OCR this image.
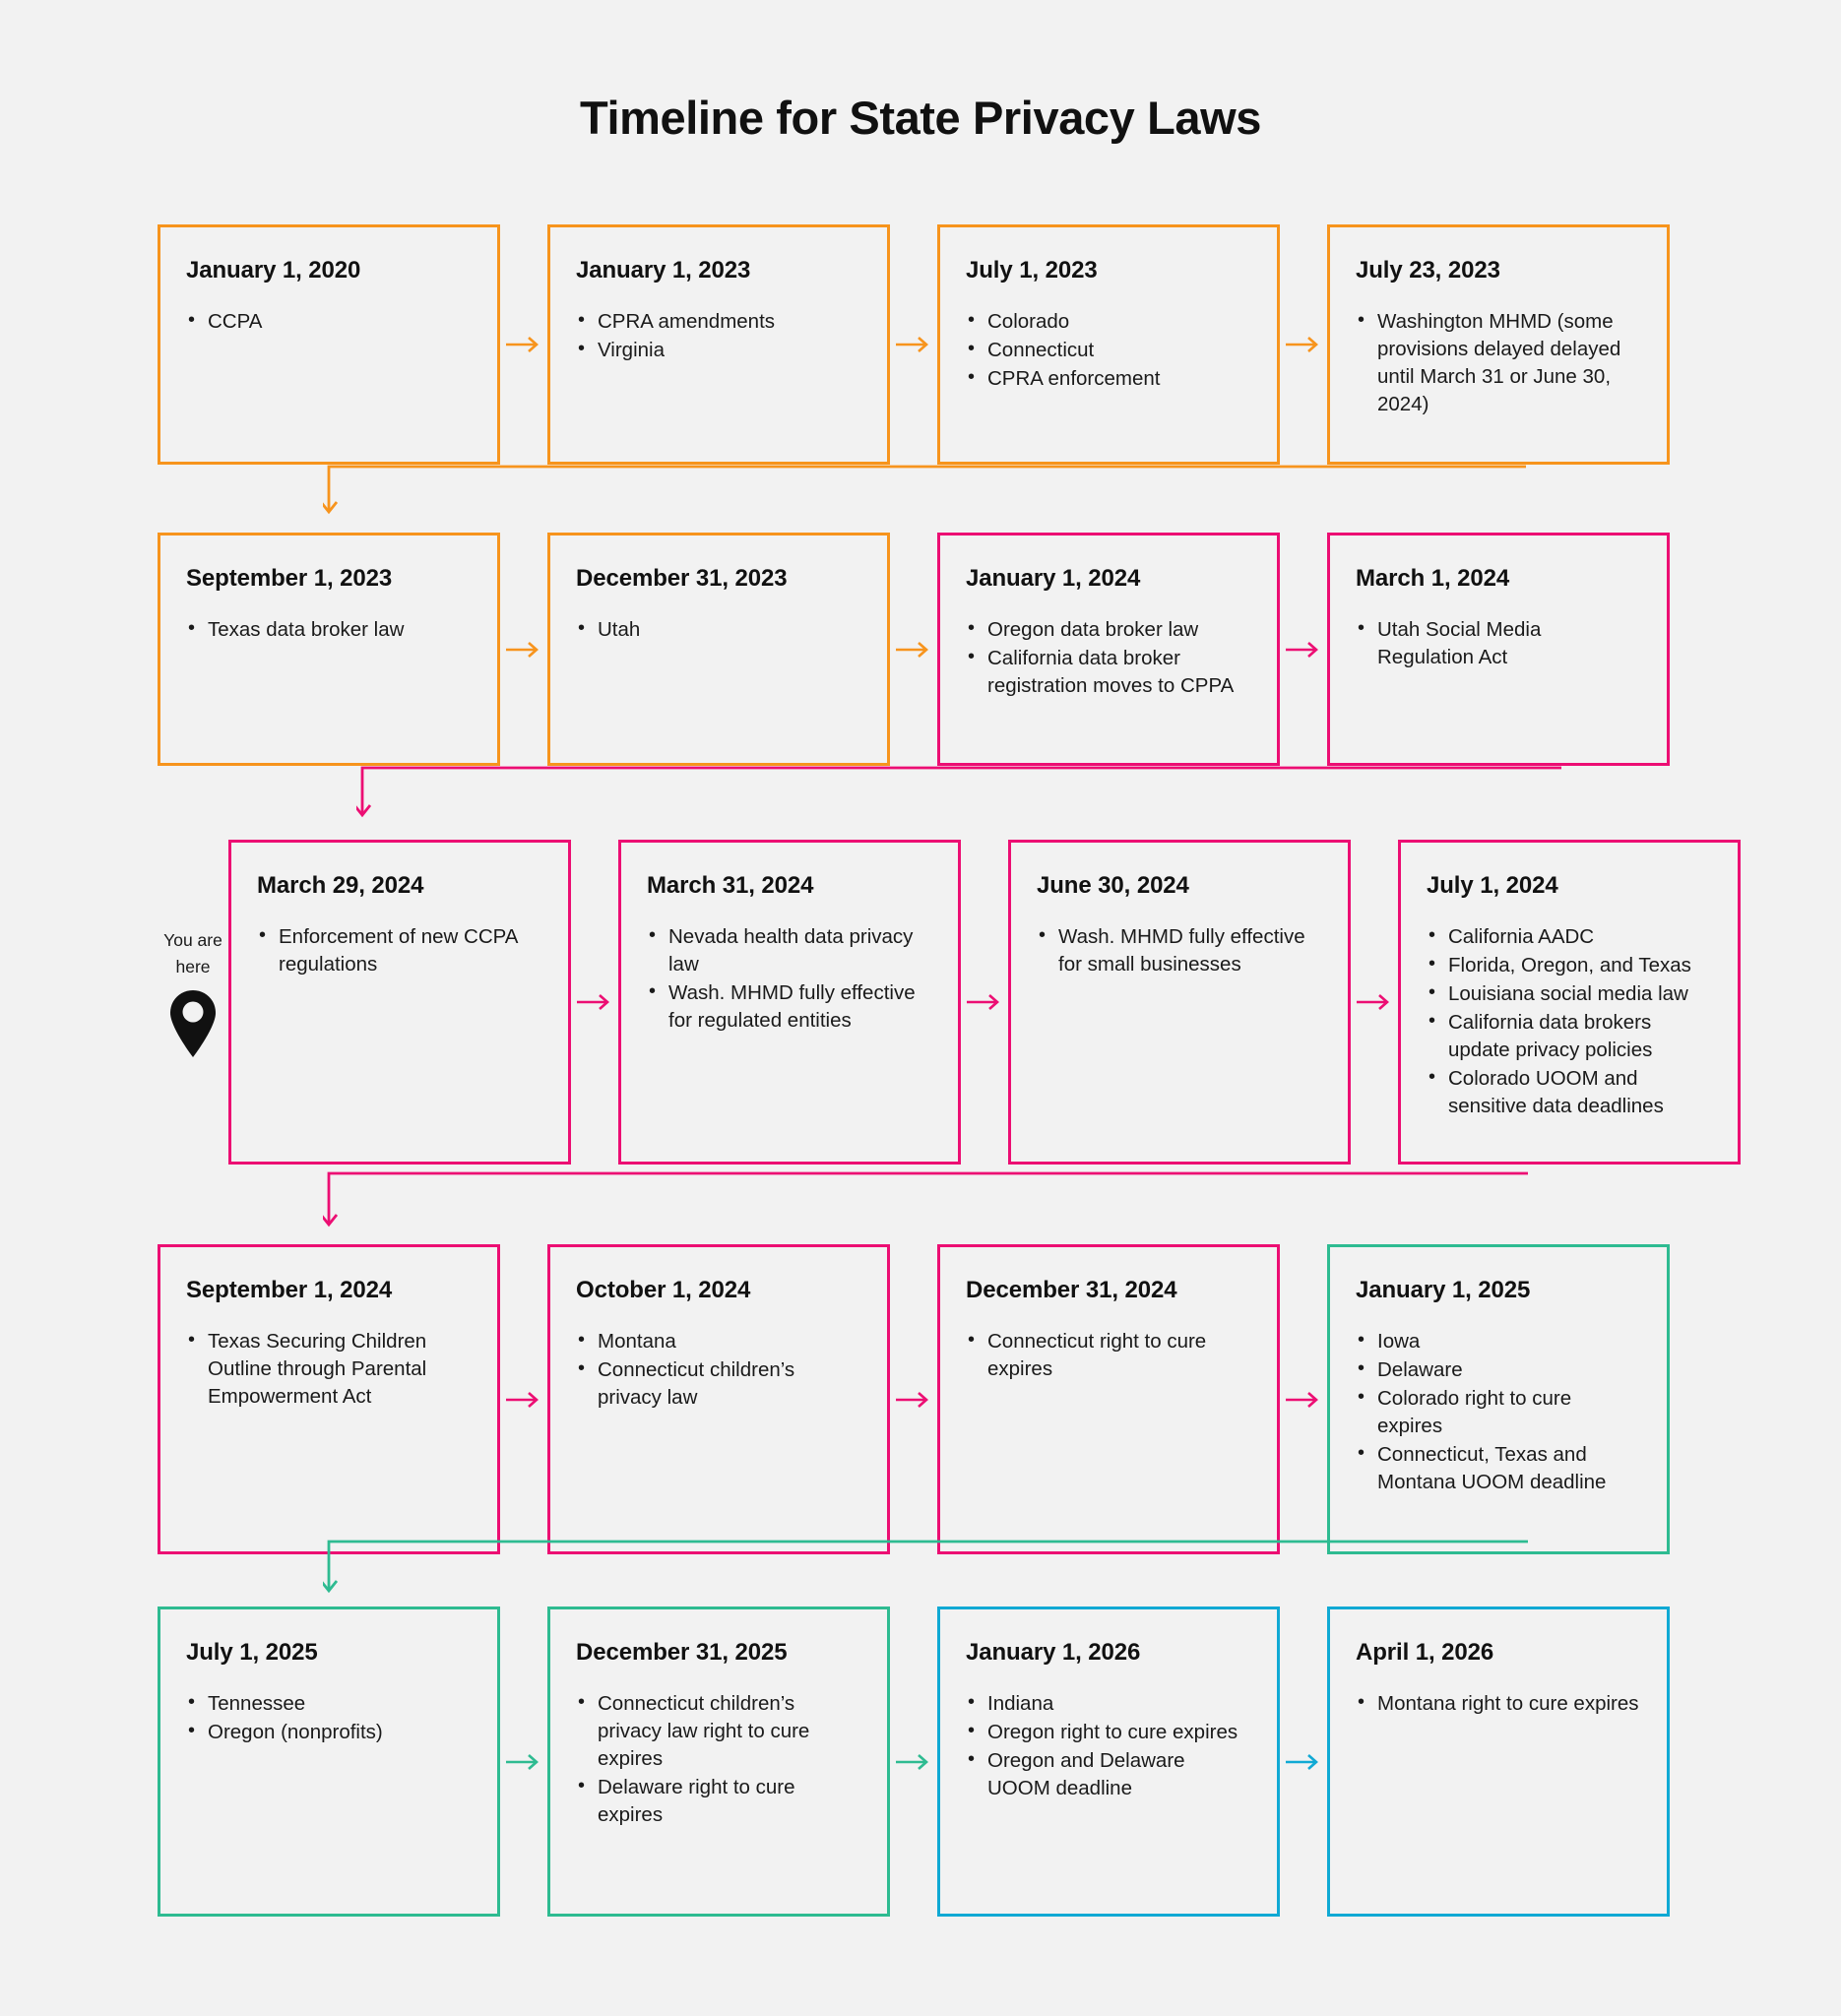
Timeline for State Privacy Laws
January 1, 2020
• CCPA
January 1, 2023
• CPRA amendments
• Virginia
July 1, 2023
• Colorado
• Connecticut
• CPRA enforcement
July 23, 2023
• Washington MHMD (some provisions delayed delayed until March 31 or June 30, 2024)
September 1, 2023
• Texas data broker law
December 31, 2023
• Utah
January 1, 2024
• Oregon data broker law
• California data broker registration moves to CPPA
March 1, 2024
• Utah Social Media Regulation Act
You are
here
March 29, 2024
• Enforcement of new CCPA regulations
March 31, 2024
• Nevada health data privacy law
• Wash. MHMD fully effective for regulated entities
June 30, 2024
• Wash. MHMD fully effective for small businesses
July 1, 2024
• California AADC
• Florida, Oregon, and Texas
• Louisiana social media law
• California data brokers update privacy policies
• Colorado UOOM and sensitive data deadlines
September 1, 2024
• Texas Securing Children Outline through Parental Empowerment Act
October 1, 2024
• Montana
• Connecticut children’s privacy law
December 31, 2024
• Connecticut right to cure expires
January 1, 2025
• Iowa
• Delaware
• Colorado right to cure expires
• Connecticut, Texas and Montana UOOM deadline
July 1, 2025
• Tennessee
• Oregon (nonprofits)
December 31, 2025
• Connecticut children’s privacy law right to cure expires
• Delaware right to cure expires
January 1, 2026
• Indiana
• Oregon right to cure expires
• Oregon and Delaware UOOM deadline
April 1, 2026
• Montana right to cure expires
